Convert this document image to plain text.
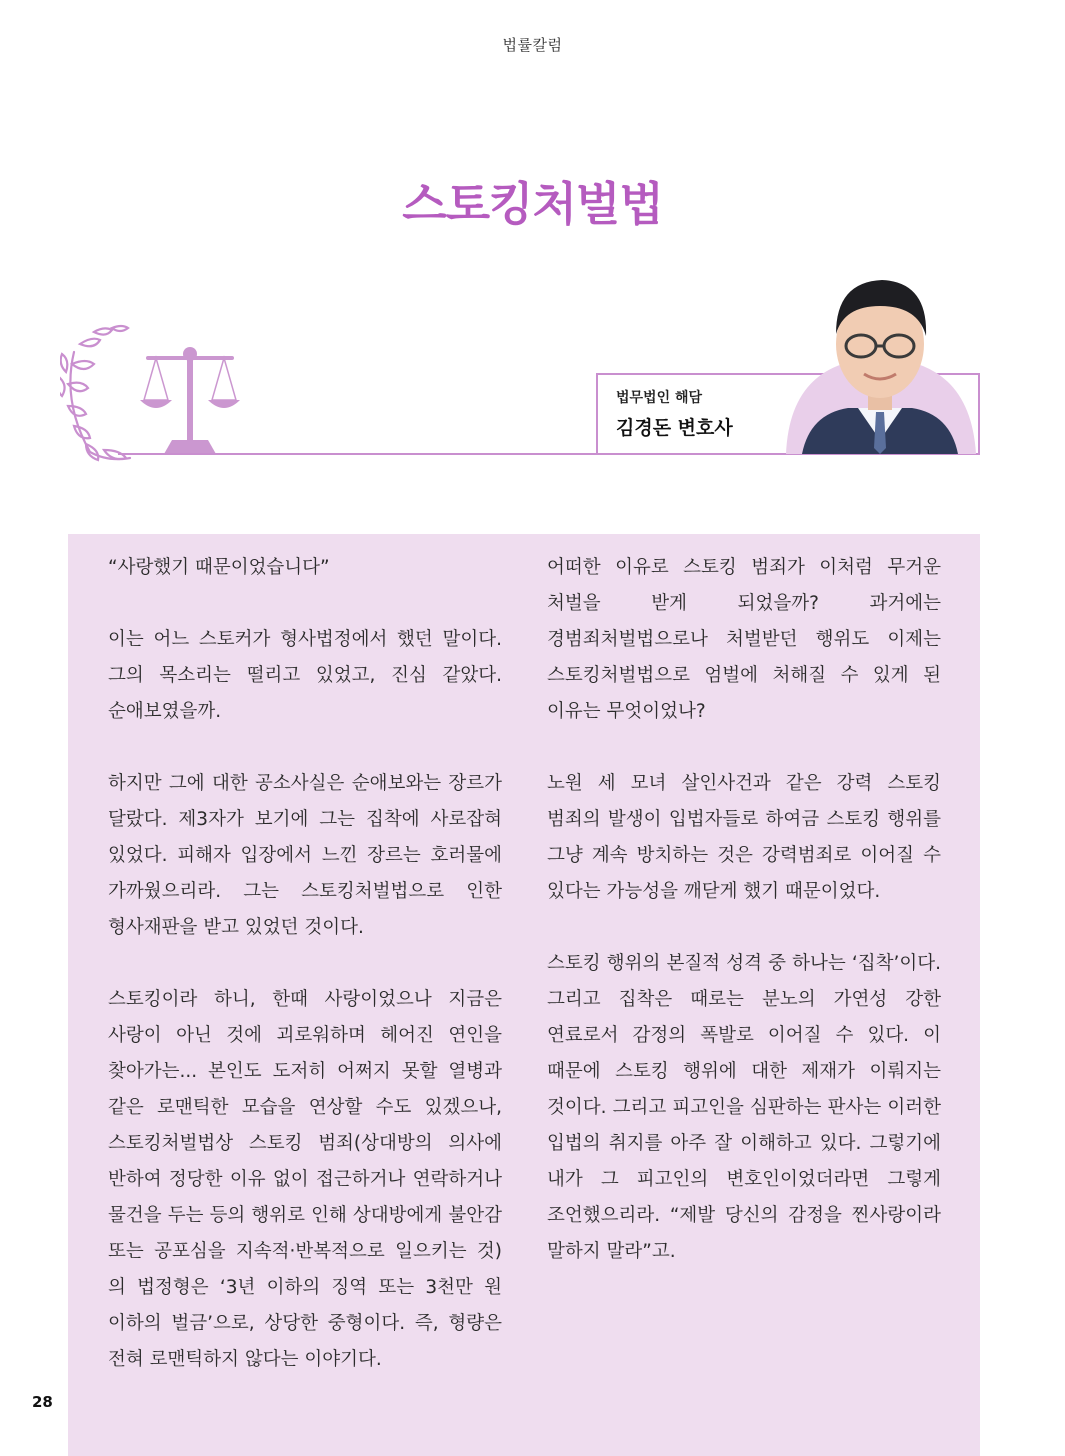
법률칼럼
스토킹처벌법
법무법인 해담
김경돈 변호사

“사랑했기 때문이었습니다”

이는 어느 스토커가 형사법정에서 했던 말이다. 그의 목소리는 떨리고 있었고, 진심 같았다. 순애보였을까.

하지만 그에 대한 공소사실은 순애보와는 장르가 달랐다. 제3자가 보기에 그는 집착에 사로잡혀 있었다. 피해자 입장에서 느낀 장르는 호러물에 가까웠으리라. 그는 스토킹처벌법으로 인한 형사재판을 받고 있었던 것이다.

스토킹이라 하니, 한때 사랑이었으나 지금은 사랑이 아닌 것에 괴로워하며 헤어진 연인을 찾아가는... 본인도 도저히 어쩌지 못할 열병과 같은 로맨틱한 모습을 연상할 수도 있겠으나, 스토킹처벌법상 스토킹 범죄(상대방의 의사에 반하여 정당한 이유 없이 접근하거나 연락하거나 물건을 두는 등의 행위로 인해 상대방에게 불안감 또는 공포심을 지속적·반복적으로 일으키는 것)의 법정형은 ‘3년 이하의 징역 또는 3천만 원 이하의 벌금’으로, 상당한 중형이다. 즉, 형량은 전혀 로맨틱하지 않다는 이야기다.

어떠한 이유로 스토킹 범죄가 이처럼 무거운 처벌을 받게 되었을까? 과거에는 경범죄처벌법으로나 처벌받던 행위도 이제는 스토킹처벌법으로 엄벌에 처해질 수 있게 된 이유는 무엇이었나?

노원 세 모녀 살인사건과 같은 강력 스토킹 범죄의 발생이 입법자들로 하여금 스토킹 행위를 그냥 계속 방치하는 것은 강력범죄로 이어질 수 있다는 가능성을 깨닫게 했기 때문이었다.

스토킹 행위의 본질적 성격 중 하나는 ‘집착’이다. 그리고 집착은 때로는 분노의 가연성 강한 연료로서 감정의 폭발로 이어질 수 있다. 이 때문에 스토킹 행위에 대한 제재가 이뤄지는 것이다. 그리고 피고인을 심판하는 판사는 이러한 입법의 취지를 아주 잘 이해하고 있다. 그렇기에 내가 그 피고인의 변호인이었더라면 그렇게 조언했으리라. “제발 당신의 감정을 찐사랑이라 말하지 말라”고.

28
